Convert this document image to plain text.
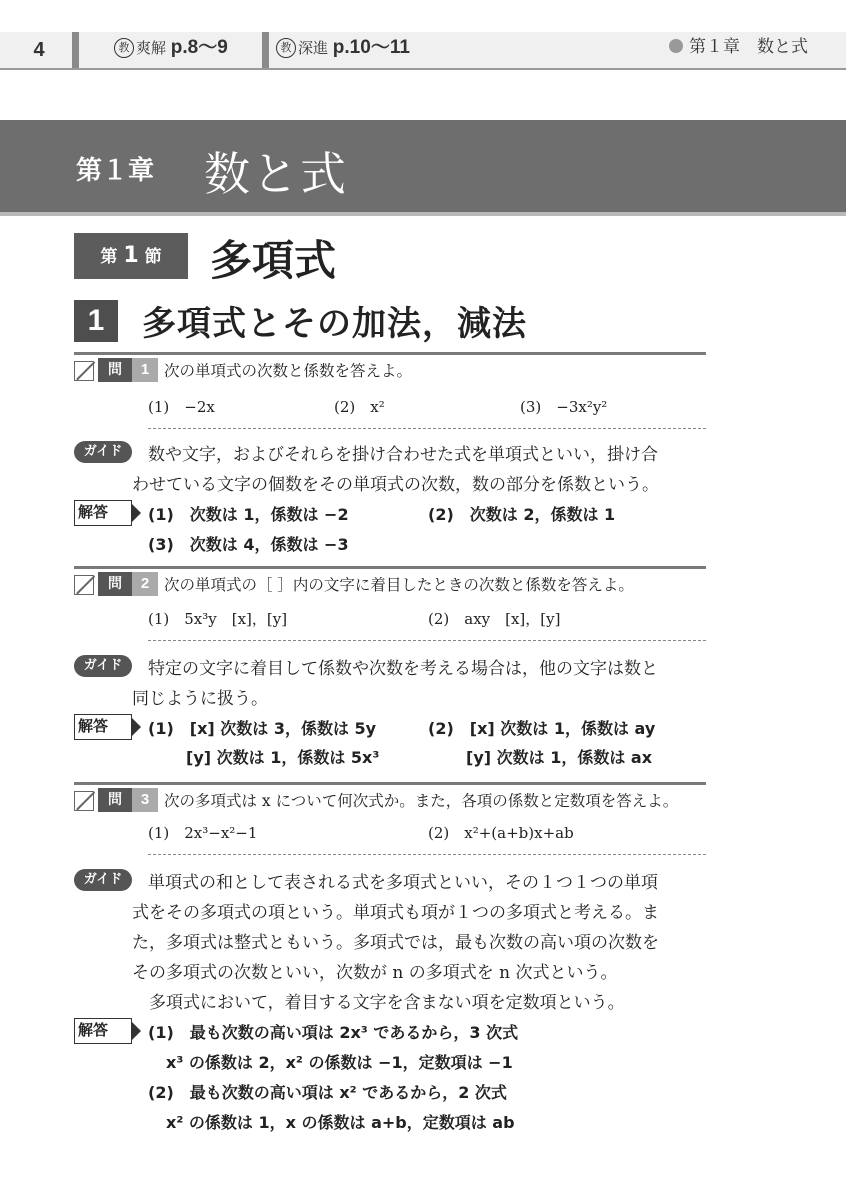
4	教 爽解 p.8〜9	教 深進 p.10〜11	第１章　数と式
第１章 数と式
第 1 節	多項式
1	多項式とその加法，減法
問	1 次の単項式の次数と係数を答えよ。
(1)　−2x	(2)　x²	(3)　−3x²y²
ガイド	数や文字，およびそれらを掛け合わせた式を単項式といい，掛け合
わせている文字の個数をその単項式の次数，数の部分を係数という。
解答	(1)　次数は 1，係数は −2	(2)　次数は 2，係数は 1
(3)　次数は 4，係数は −3
問	2 次の単項式の［ ］内の文字に着目したときの次数と係数を答えよ。
(1)　5x³y　[x]，[y]	(2)　axy　[x]，[y]
ガイド	特定の文字に着目して係数や次数を考える場合は，他の文字は数と
同じように扱う。
解答	(1)　[x] 次数は 3，係数は 5y
[y] 次数は 1，係数は 5x³
(2)　[x] 次数は 1，係数は ay
[y] 次数は 1，係数は ax
問	3 次の多項式は x について何次式か。また，各項の係数と定数項を答えよ。
(1)　2x³−x²−1	(2)　x²+(a+b)x+ab
ガイド	単項式の和として表される式を多項式といい，その１つ１つの単項
式をその多項式の項という。単項式も項が１つの多項式と考える。ま
た，多項式は整式ともいう。多項式では，最も次数の高い項の次数を
その多項式の次数といい，次数が n の多項式を n 次式という。
　多項式において，着目する文字を含まない項を定数項という。
解答	(1)　最も次数の高い項は 2x³ であるから，3 次式
x³ の係数は 2，x² の係数は −1，定数項は −1
(2)　最も次数の高い項は x² であるから，2 次式
x² の係数は 1，x の係数は a+b，定数項は ab
